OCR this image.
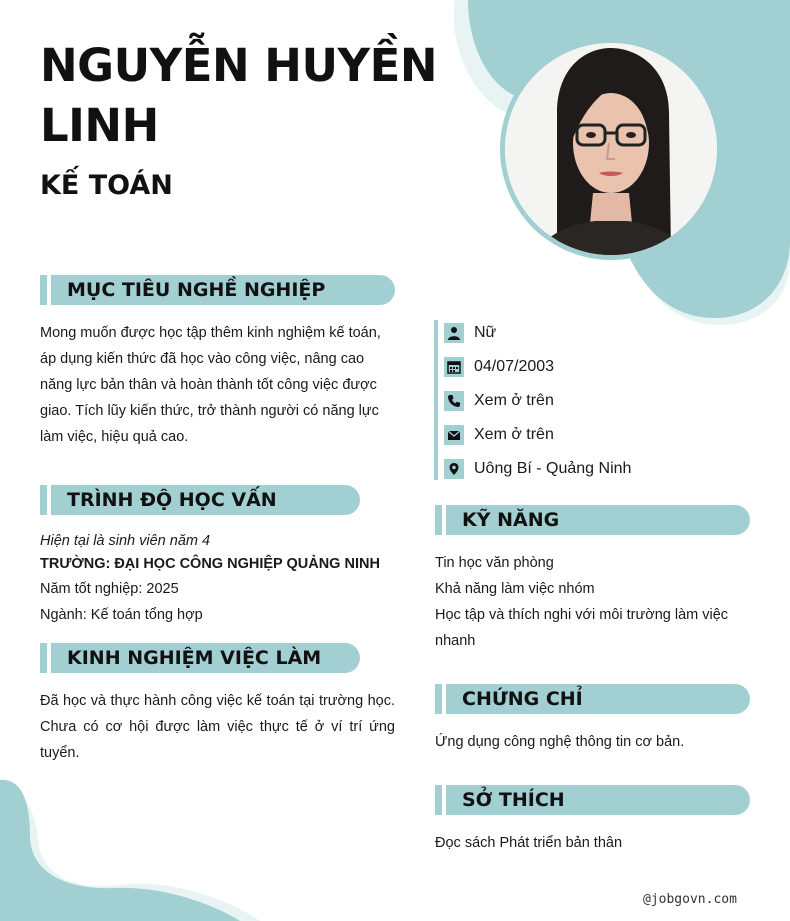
NGUYỄN HUYỀN LINH
KẾ TOÁN
MỤC TIÊU NGHỀ NGHIỆP
Mong muốn được học tập thêm kinh nghiệm kế toán, áp dụng kiến thức đã học vào công việc, nâng cao năng lực bản thân và hoàn thành tốt công việc được giao. Tích lũy kiến thức, trở thành người có năng lực làm việc, hiệu quả cao.
TRÌNH ĐỘ HỌC VẤN
Hiện tại là sinh viên năm 4
TRƯỜNG: ĐẠI HỌC CÔNG NGHIỆP QUẢNG NINH
Năm tốt nghiệp: 2025
Ngành: Kế toán tổng hợp
KINH NGHIỆM VIỆC LÀM
Đã học và thực hành công việc kế toán tại trường học. Chưa có cơ hội được làm việc thực tế ở ví trí ứng tuyển.
Nữ
04/07/2003
Xem ở trên
Xem ở trên
Uông Bí - Quảng Ninh
KỸ NĂNG
Tin học văn phòng
Khả năng làm việc nhóm
Học tập và thích nghi với môi trường làm việc nhanh
CHỨNG CHỈ
Ứng dụng công nghệ thông tin cơ bản.
SỞ THÍCH
Đọc sách Phát triển bản thân
@jobgovn.com
